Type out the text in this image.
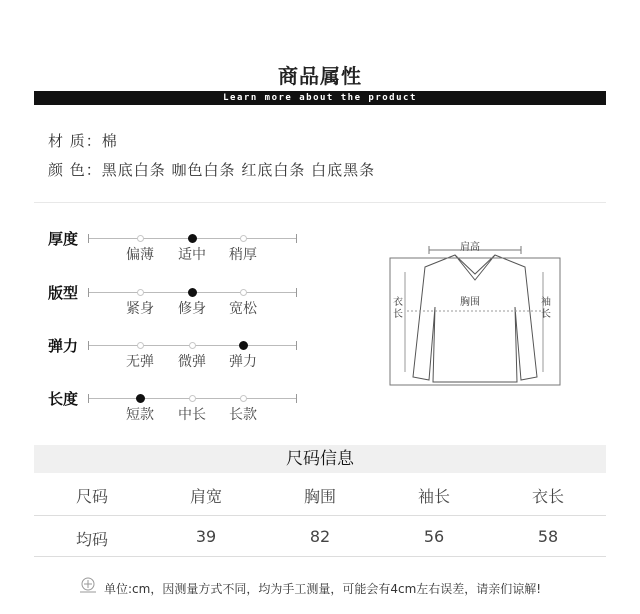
商品属性
Learn more about the product
材 质：棉
颜 色：黑底白条 咖色白条 红底白条 白底黑条
厚度
偏薄	适中	稍厚
版型
紧身	修身	宽松
弹力
无弹	微弹	弹力
长度
短款	中长	长款
肩高
胸围
衣长
袖长
尺码信息
尺码	肩宽	胸围	袖长	衣长
均码	39	82	56	58
单位:cm，因测量方式不同，均为手工测量，可能会有4cm左右误差，请亲们谅解!
